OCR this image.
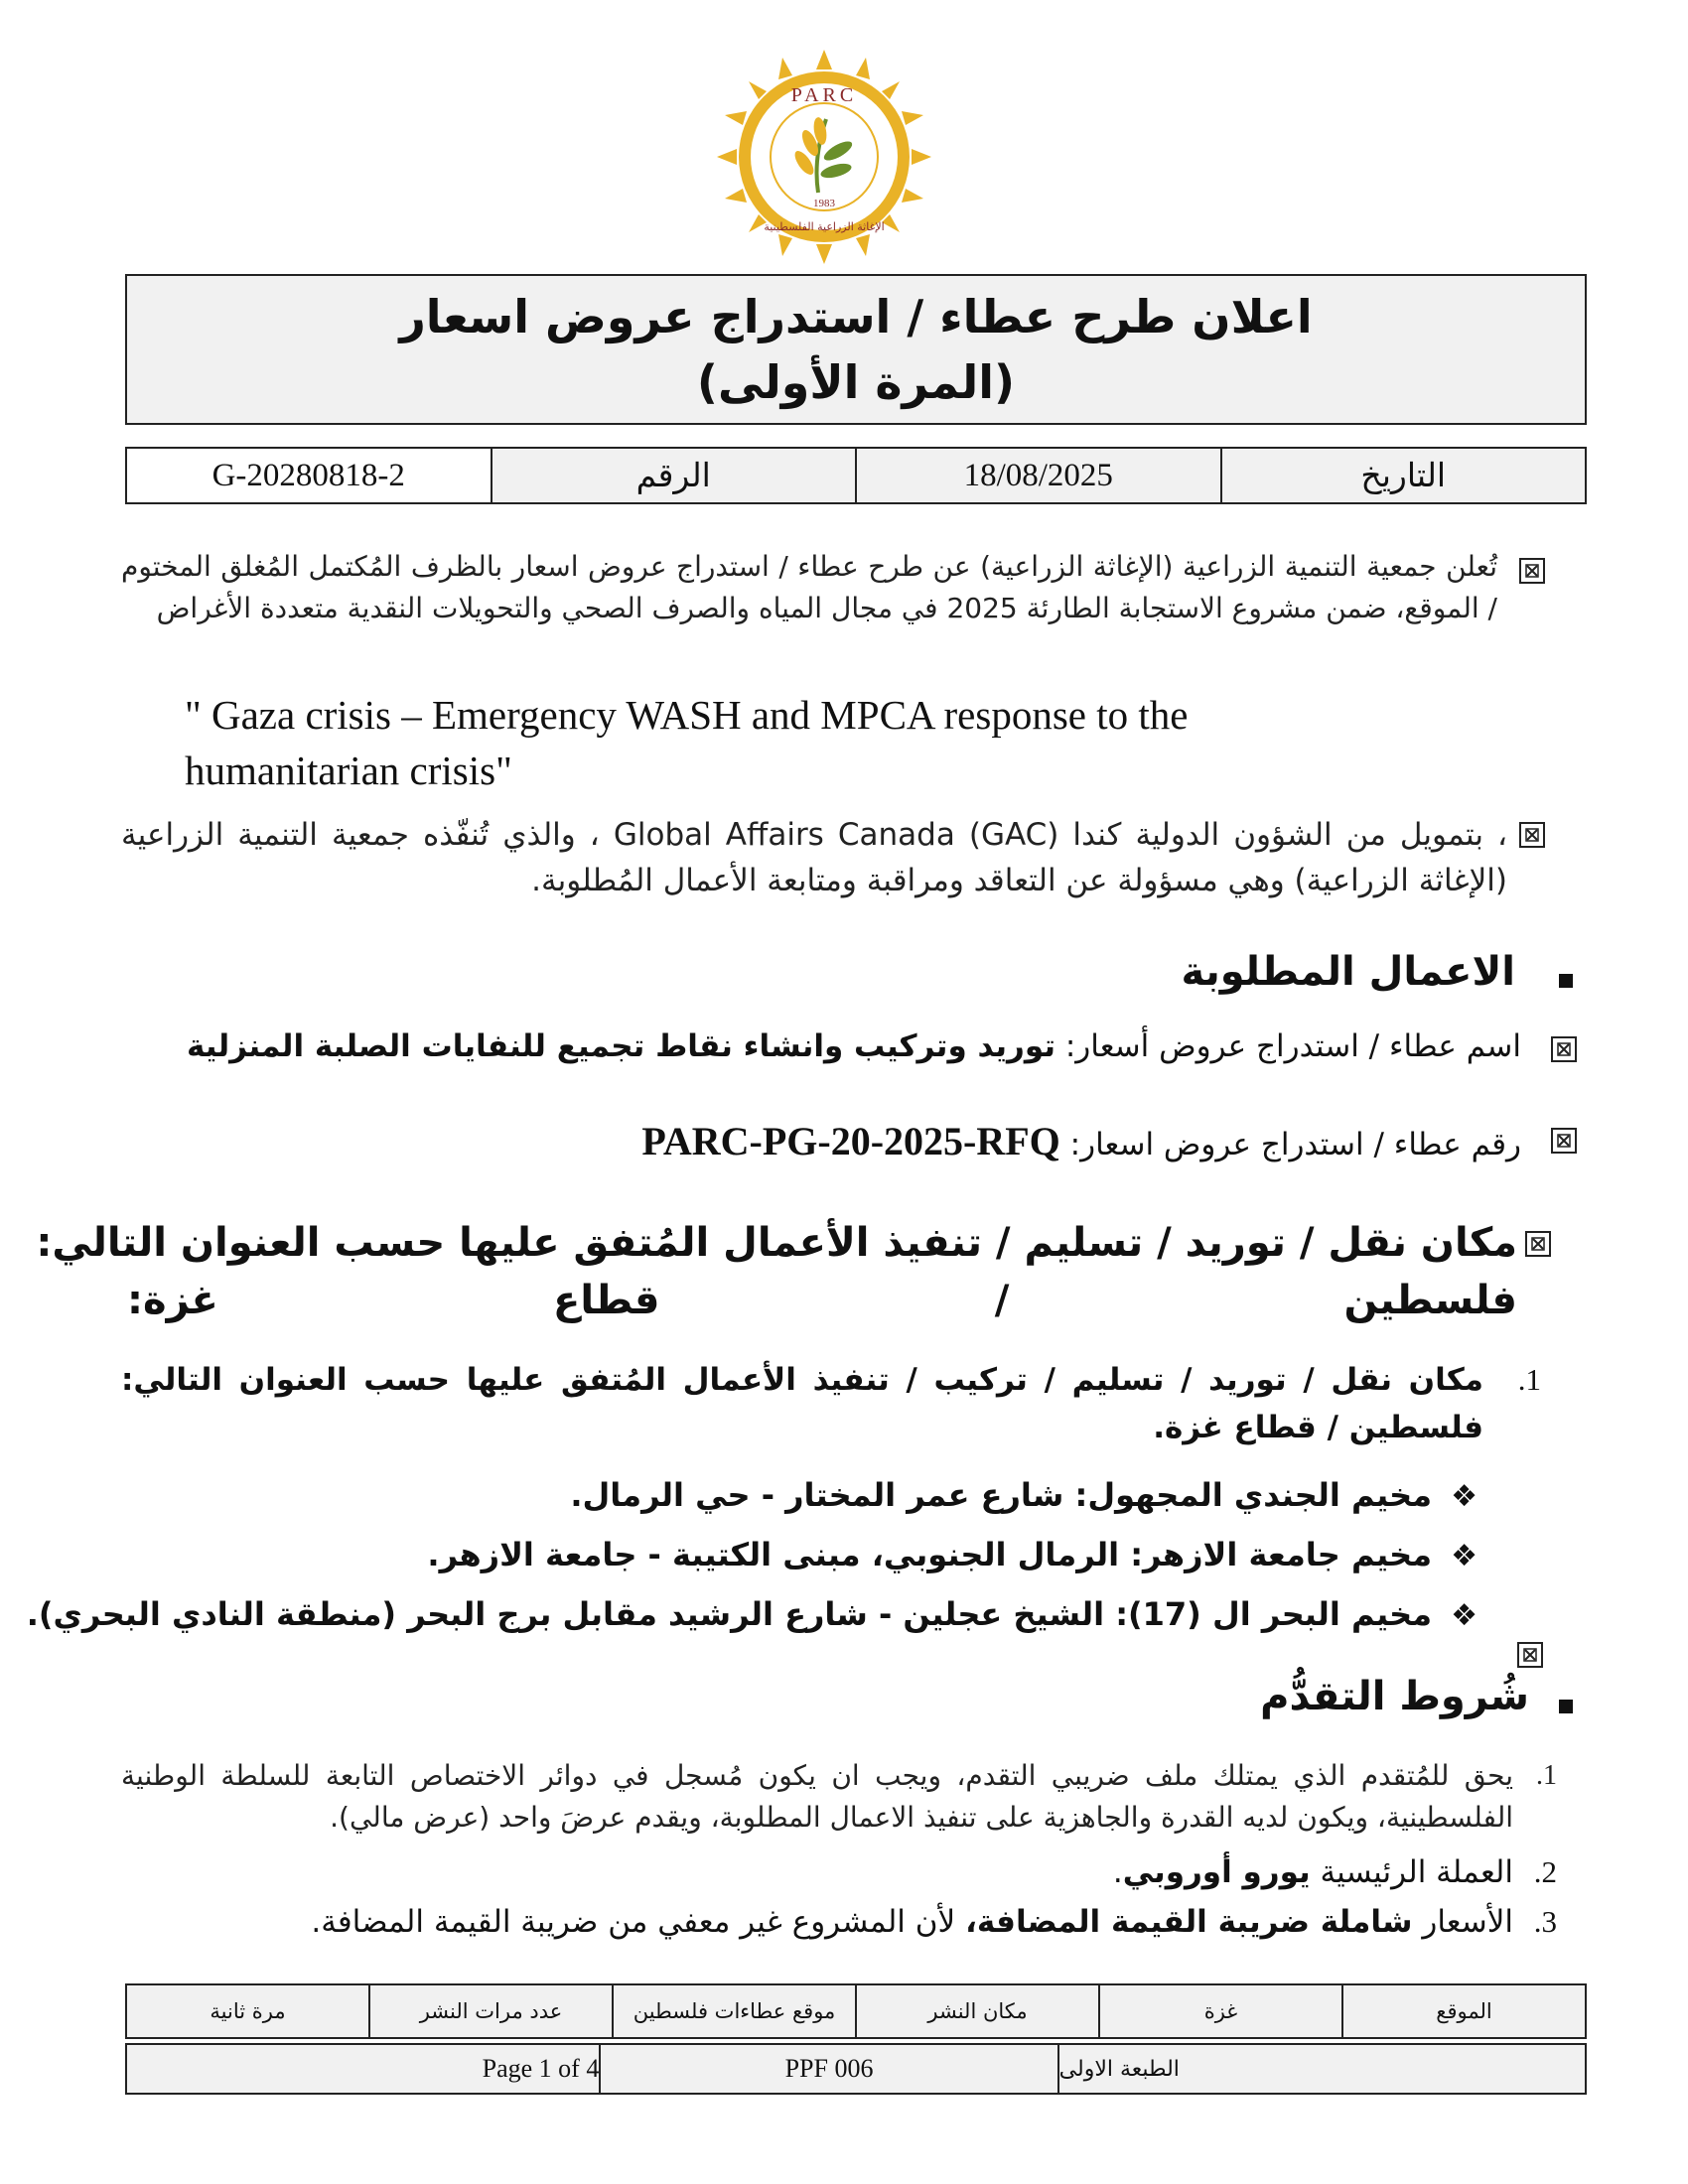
PARC
1983
الإغاثة الزراعية الفلسطينية
اعلان طرح عطاء / استدراج عروض اسعار
(المرة الأولى)
التاريخ
18/08/2025
الرقم
G-20280818-2
تُعلن جمعية التنمية الزراعية (الإغاثة الزراعية) عن طرح عطاء / استدراج عروض اسعار بالظرف المُكتمل المُغلق المختوم / الموقع، ضمن مشروع الاستجابة الطارئة 2025 في مجال المياه والصرف الصحي والتحويلات النقدية متعددة الأغراض
" Gaza crisis – Emergency WASH and MPCA response to the humanitarian crisis"
، بتمويل من الشؤون الدولية كندا Global Affairs Canada (GAC) ، والذي تُنفّذه جمعية التنمية الزراعية (الإغاثة الزراعية) وهي مسؤولة عن التعاقد ومراقبة ومتابعة الأعمال المُطلوبة.
الاعمال المطلوبة
اسم عطاء / استدراج عروض أسعار: توريد وتركيب وانشاء نقاط تجميع للنفايات الصلبة المنزلية
رقم عطاء / استدراج عروض اسعار: PARC-PG-20-2025-RFQ
مكان نقل / توريد / تسليم / تنفيذ الأعمال المُتفق عليها حسب العنوان التالي:
فلسطين / قطاع غزة:
1.
مكان نقل / توريد / تسليم / تركيب / تنفيذ الأعمال المُتفق عليها حسب العنوان التالي: فلسطين / قطاع غزة.
❖
مخيم الجندي المجهول: شارع عمر المختار - حي الرمال.
❖
مخيم جامعة الازهر: الرمال الجنوبي، مبنى الكتيبة - جامعة الازهر.
❖
مخيم البحر ال (17): الشيخ عجلين - شارع الرشيد مقابل برج البحر (منطقة النادي البحري).
شُروط التقدُّم
1.
يحق للمُتقدم الذي يمتلك ملف ضريبي التقدم، ويجب ان يكون مُسجل في دوائر الاختصاص التابعة للسلطة الوطنية الفلسطينية، ويكون لديه القدرة والجاهزية على تنفيذ الاعمال المطلوبة، ويقدم عرضَ واحد (عرض مالي).
2.
العملة الرئيسية يورو أوروبي.
3.
الأسعار شاملة ضريبة القيمة المضافة، لأن المشروع غير معفي من ضريبة القيمة المضافة.
الموقع
غزة
مكان النشر
موقع عطاءات فلسطين
عدد مرات النشر
مرة ثانية
الطبعة الاولى
PPF 006
Page 1 of 4
